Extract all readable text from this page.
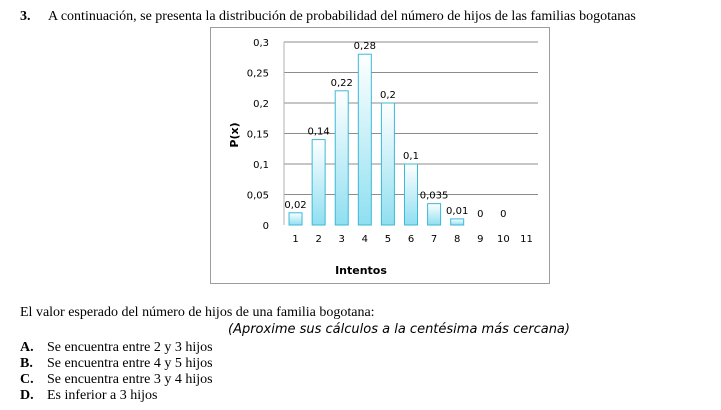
3. A continuación, se presenta la distribución de probabilidad del número de hijos de las familias bogotanas
0
0,05
0,1
0,15
0,2
0,25
0,3
0,02
0,14
0,22
0,28
0,2
0,1
0,035
0,01 0 0
1 2 3 4 5 6 7 8 9 10 11
P(x)
Intentos
El valor esperado del número de hijos de una familia bogotana:
(Aproxime sus cálculos a la centésima más cercana)
A. Se encuentra entre 2 y 3 hijos
B. Se encuentra entre 4 y 5 hijos
C. Se encuentra entre 3 y 4 hijos
D. Es inferior a 3 hijos
